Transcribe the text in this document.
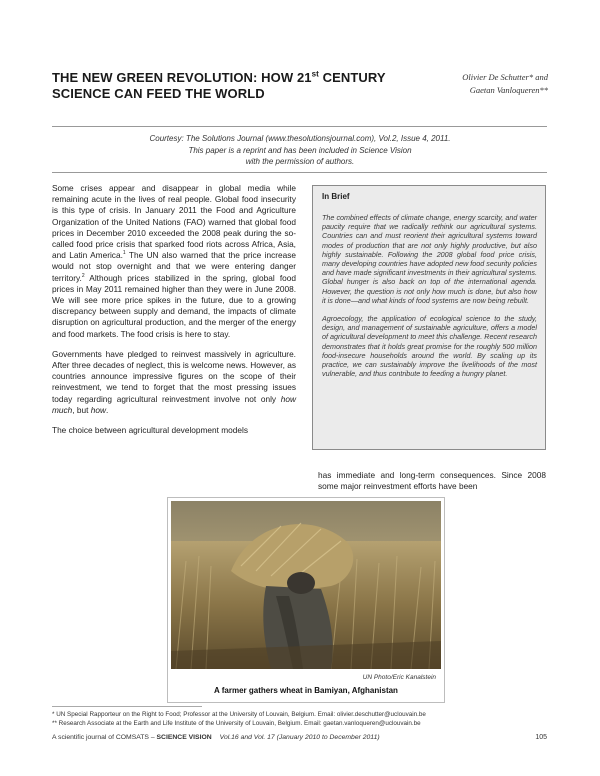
THE NEW GREEN REVOLUTION: HOW 21st CENTURY
SCIENCE CAN FEED THE WORLD
Olivier De Schutter* and
Gaetan Vanloqueren**
Courtesy: The Solutions Journal (www.thesolutionsjournal.com), Vol.2, Issue 4, 2011.
This paper is a reprint and has been included in Science Vision
with the permission of authors.

Some crises appear and disappear in global media while remaining acute in the lives of real people. Global food insecurity is this type of crisis. In January 2011 the Food and Agriculture Organization of the United Nations (FAO) warned that global food prices in December 2010 exceeded the 2008 peak during the so-called food price crisis that sparked food riots across Africa, Asia, and Latin America.$^1$ The UN also warned that the price increase would not stop overnight and that we were entering danger territory.$^2$ Although prices stabilized in the spring, global food prices in May 2011 remained higher than they were in June 2008. We will see more price spikes in the future, due to a growing discrepancy between supply and demand, the impacts of climate disruption on agricultural production, and the merger of the energy and food markets. The food crisis is here to stay.

Governments have pledged to reinvest massively in agriculture. After three decades of neglect, this is welcome news. However, as countries announce impressive figures on the scope of their reinvestment, we tend to forget that the most pressing issues today regarding agricultural reinvestment involve not only how much, but how.

The choice between agricultural development models

In Brief

The combined effects of climate change, energy scarcity, and water paucity require that we radically rethink our agricultural systems. Countries can and must reorient their agricultural systems toward modes of production that are not only highly productive, but also highly sustainable. Following the 2008 global food price crisis, many developing countries have adopted new food security policies and have made significant investments in their agricultural systems. Global hunger is also back on top of the international agenda. However, the question is not only how much is done, but also how it is done—and what kinds of food systems are now being rebuilt.

Agroecology, the application of ecological science to the study, design, and management of sustainable agriculture, offers a model of agricultural development to meet this challenge. Recent research demonstrates that it holds great promise for the roughly 500 million food-insecure households around the world. By scaling up its practice, we can sustainably improve the livelihoods of the most vulnerable, and thus contribute to feeding a hungry planet.

has immediate and long-term consequences. Since 2008 some major reinvestment efforts have been
UN Photo/Eric Kanalstein
A farmer gathers wheat in Bamiyan, Afghanistan
* UN Special Rapporteur on the Right to Food; Professor at the University of Louvain, Belgium. Email: olivier.deschutter@uclouvain.be
** Research Associate at the Earth and Life Institute of the University of Louvain, Belgium. Email: gaetan.vanloqueren@uclouvain.be
A scientific journal of COMSATS – SCIENCE VISION Vol.16 and Vol. 17 (January 2010 to December 2011)	105
